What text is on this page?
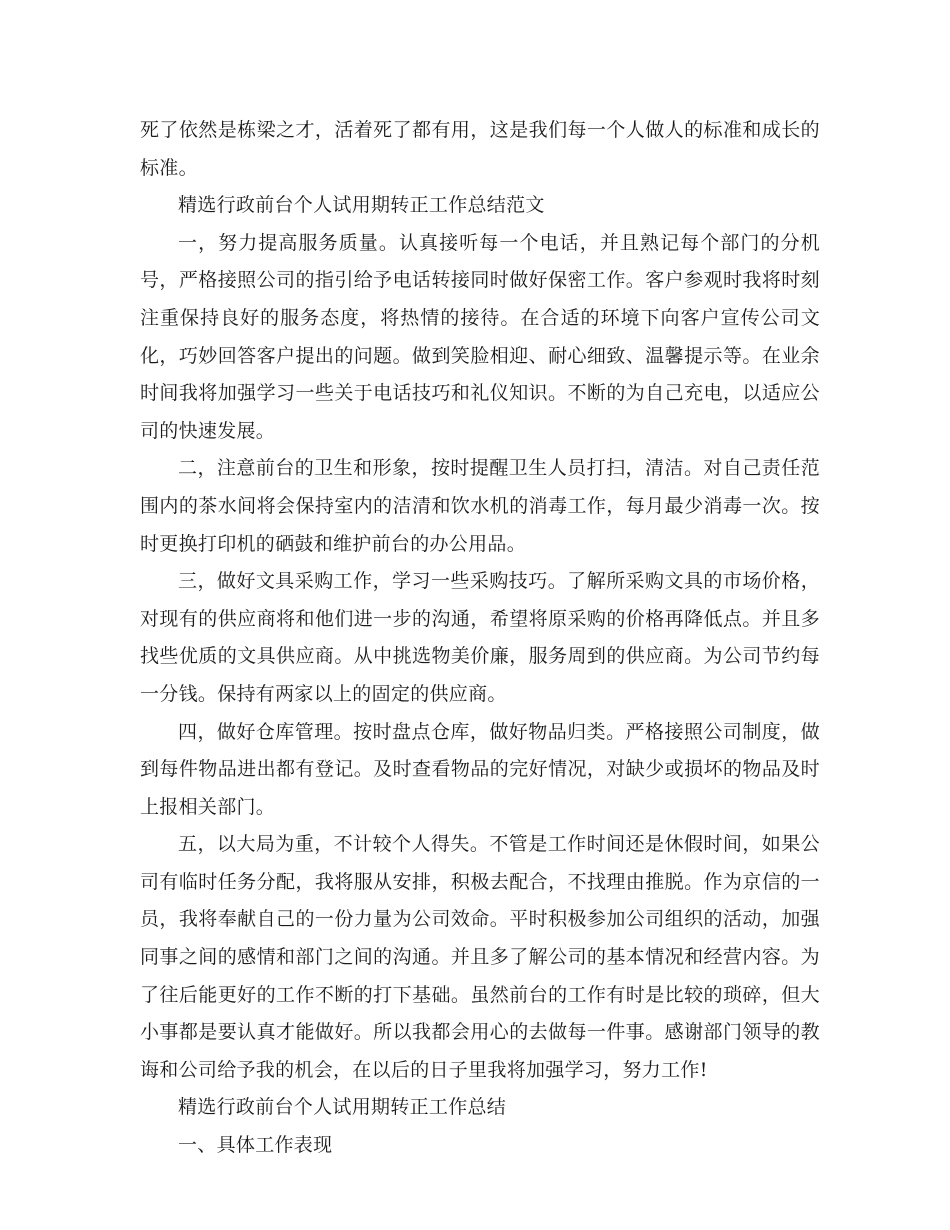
死了依然是栋梁之才，活着死了都有用，这是我们每一个人做人的标准和成长的标准。

精选行政前台个人试用期转正工作总结范文

一，努力提高服务质量。认真接听每一个电话，并且熟记每个部门的分机号，严格接照公司的指引给予电话转接同时做好保密工作。客户参观时我将时刻注重保持良好的服务态度，将热情的接待。在合适的环境下向客户宣传公司文化，巧妙回答客户提出的问题。做到笑脸相迎、耐心细致、温馨提示等。在业余时间我将加强学习一些关于电话技巧和礼仪知识。不断的为自己充电，以适应公司的快速发展。

二，注意前台的卫生和形象，按时提醒卫生人员打扫，清洁。对自己责任范围内的茶水间将会保持室内的洁清和饮水机的消毒工作，每月最少消毒一次。按时更换打印机的硒鼓和维护前台的办公用品。

三，做好文具采购工作，学习一些采购技巧。了解所采购文具的市场价格，对现有的供应商将和他们进一步的沟通，希望将原采购的价格再降低点。并且多找些优质的文具供应商。从中挑选物美价廉，服务周到的供应商。为公司节约每一分钱。保持有两家以上的固定的供应商。

四，做好仓库管理。按时盘点仓库，做好物品归类。严格接照公司制度，做到每件物品进出都有登记。及时查看物品的完好情况，对缺少或损坏的物品及时上报相关部门。

五，以大局为重，不计较个人得失。不管是工作时间还是休假时间，如果公司有临时任务分配，我将服从安排，积极去配合，不找理由推脱。作为京信的一员，我将奉献自己的一份力量为公司效命。平时积极参加公司组织的活动，加强同事之间的感情和部门之间的沟通。并且多了解公司的基本情况和经营内容。为了往后能更好的工作不断的打下基础。虽然前台的工作有时是比较的琐碎，但大小事都是要认真才能做好。所以我都会用心的去做每一件事。感谢部门领导的教诲和公司给予我的机会，在以后的日子里我将加强学习，努力工作!

精选行政前台个人试用期转正工作总结

一、具体工作表现
